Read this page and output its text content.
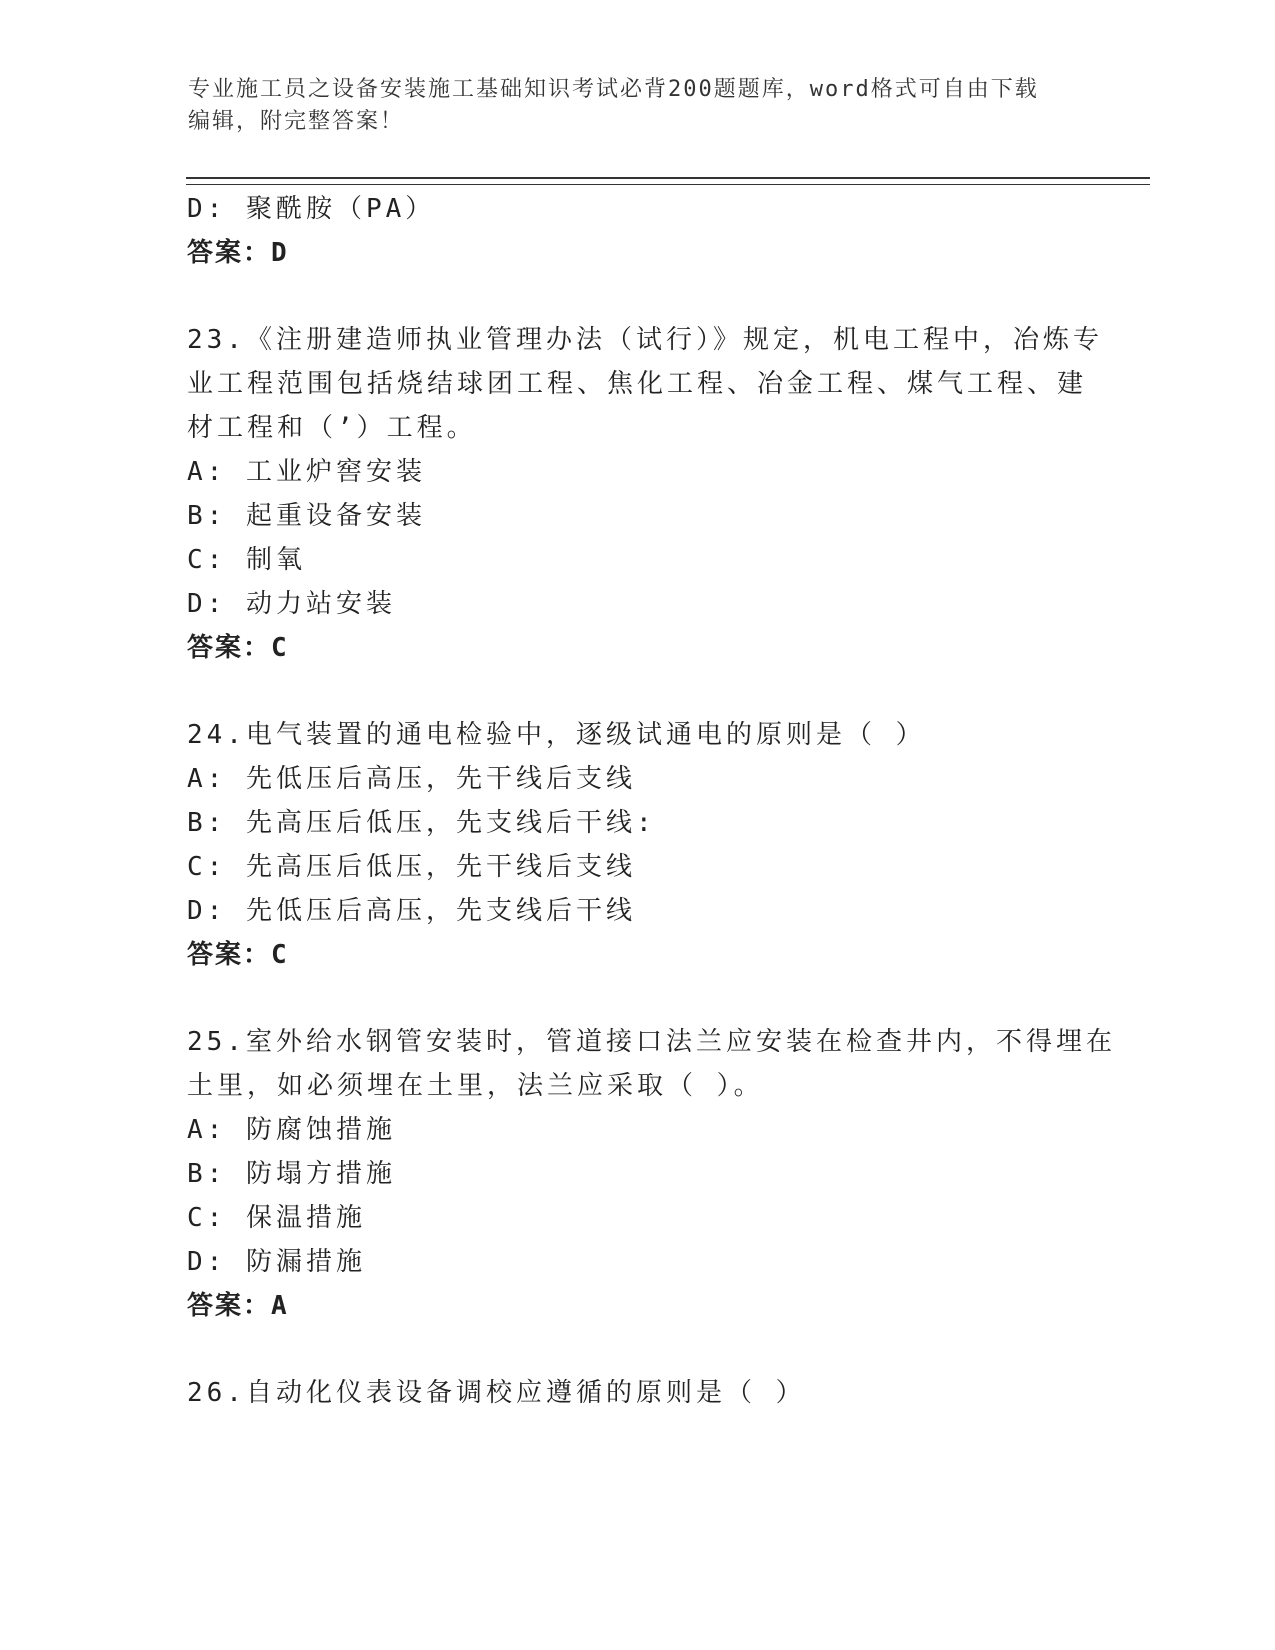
专业施工员之设备安装施工基础知识考试必背200题题库，word格式可自由下载
编辑，附完整答案！
D: 聚酰胺（PA）
答案：D
23.《注册建造师执业管理办法（试行）》规定，机电工程中，冶炼专
业工程范围包括烧结球团工程、焦化工程、冶金工程、煤气工程、建
材工程和（’）工程。
A: 工业炉窖安装
B: 起重设备安装
C: 制氧
D: 动力站安装
答案：C
24.电气装置的通电检验中，逐级试通电的原则是（ ）
A: 先低压后高压，先干线后支线
B: 先高压后低压，先支线后干线:
C: 先高压后低压，先干线后支线
D: 先低压后高压，先支线后干线
答案：C
25.室外给水钢管安装时，管道接口法兰应安装在检查井内，不得埋在
土里，如必须埋在土里，法兰应采取（ ）。
A: 防腐蚀措施
B: 防塌方措施
C: 保温措施
D: 防漏措施
答案：A
26.自动化仪表设备调校应遵循的原则是（ ）
